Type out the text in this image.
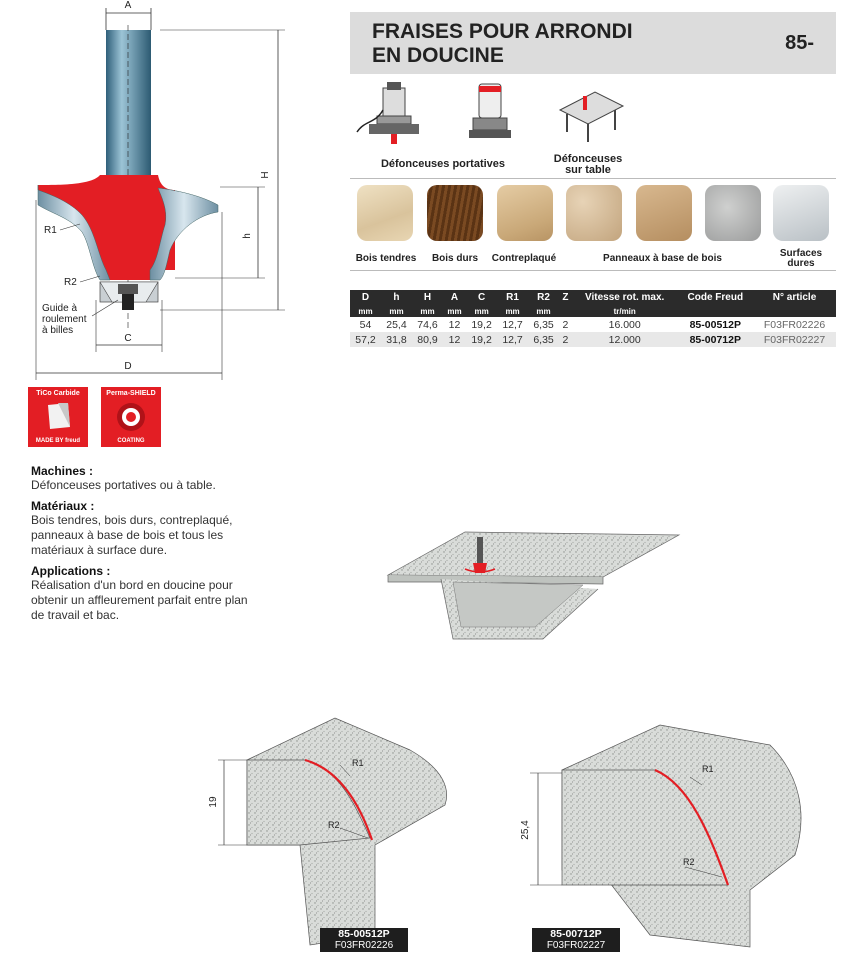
A
H
h
C
D
R1
R2
Guide à
roulement
à billes
TiCo Carbide
MADE BY freud
Perma-SHIELD
COATING
FRAISES POUR ARRONDI
EN DOUCINE
85-
Défonceuses portatives	Défonceuses
sur table
Bois tendres	Bois durs	Contreplaqué	Panneaux à base de bois	Surfaces
dures
D	h	H	A	C	R1	R2	Z	Vitesse rot. max.	Code Freud	N° article
mm	mm	mm	mm	mm	mm	mm		tr/min		
54	25,4	74,6	12	19,2	12,7	6,35	2	16.000	85-00512P	F03FR02226
57,2	31,8	80,9	12	19,2	12,7	6,35	2	12.000	85-00712P	F03FR02227
Machines :
Défonceuses portatives ou à table.
Matériaux :
Bois tendres, bois durs, contreplaqué,
panneaux à base de bois et tous les
matériaux à surface dure.
Applications :
Réalisation d'un bord en doucine pour
obtenir un affleurement parfait entre plan
de travail et bac.
19
R1
R2
85-00512P
F03FR02226
25,4
R1
R2
85-00712P
F03FR02227
